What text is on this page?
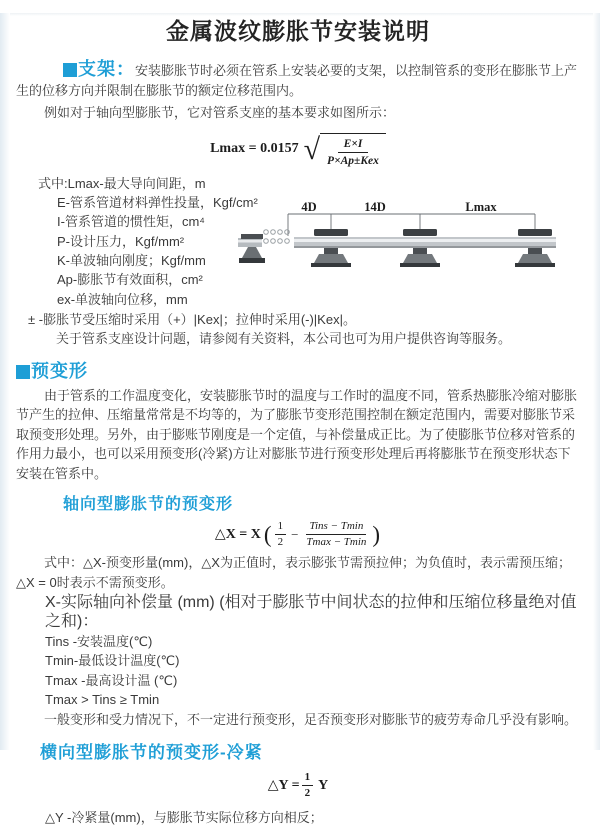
金属波纹膨胀节安装说明

支架：安装膨胀节时必须在管系上安装必要的支架，以控制管系的变形在膨胀节上产生的位移方向并限制在膨胀节的额定位移范围内。

例如对于轴向型膨胀节，它对管系支座的基本要求如图所示：

Lmax = 0.0157 √ $\frac{E\times I}{\text{P×Ap±Kex}}$
式中:Lmax-最大导向间距，m
E-管系管道材料弹性投量，Kgf/cm²
I-管系管道的惯性矩，cm⁴
P-设计压力，Kgf/mm²
K-单波轴向刚度；Kgf/mm
Ap-膨胀节有效面积，cm²
ex-单波轴向位移，mm
± -膨胀节受压缩时采用（+）|Kex|；拉伸时采用(-)|Kex|。
关于管系支座设计问题，请参阅有关资料，本公司也可为用户提供咨询等服务。
4D	14D	Lmax
预变形

由于管系的工作温度变化，安装膨胀节时的温度与工作时的温度不同，管系热膨胀冷缩对膨胀节产生的拉伸、压缩量常常是不均等的，为了膨胀节变形范围控制在额定范围内，需要对膨胀节采取预变形处理。另外，由于膨账节刚度是一个定值，与补偿量成正比。为了使膨胀节位移对管系的作用力最小，也可以采用预变形(冷紧)方让对膨胀节进行预变形处理后再将膨胀节在预变形状态下安装在管系中。

轴向型膨胀节的预变形
△X = X ( $\frac{1}{2} - \frac{\text{Tins − Tmin}}{Tmax - Tmin}$ )

式中：△X-预变形量(mm)，△X为正值时，表示膨张节需预拉伸；为负值时，表示需预压缩；△X = 0时表示不需预变形。

X-实际轴向补偿量 (mm) (相对于膨胀节中间状态的拉伸和压缩位移量绝对值之和)：
Tins -安装温度(℃)
Tmin-最低设计温度(℃)
Tmax -最高设计温 (℃)
Tmax > Tins ≥ Tmin

一般变形和受力情况下，不一定进行预变形，足否预变形对膨胀节的疲劳寿命几乎没有影响。

横向型膨胀节的预变形-冷紧
△Y = $\frac{1}{2}$ Y
△Y -冷紧量(mm)，与膨胀节实际位移方向相反；
